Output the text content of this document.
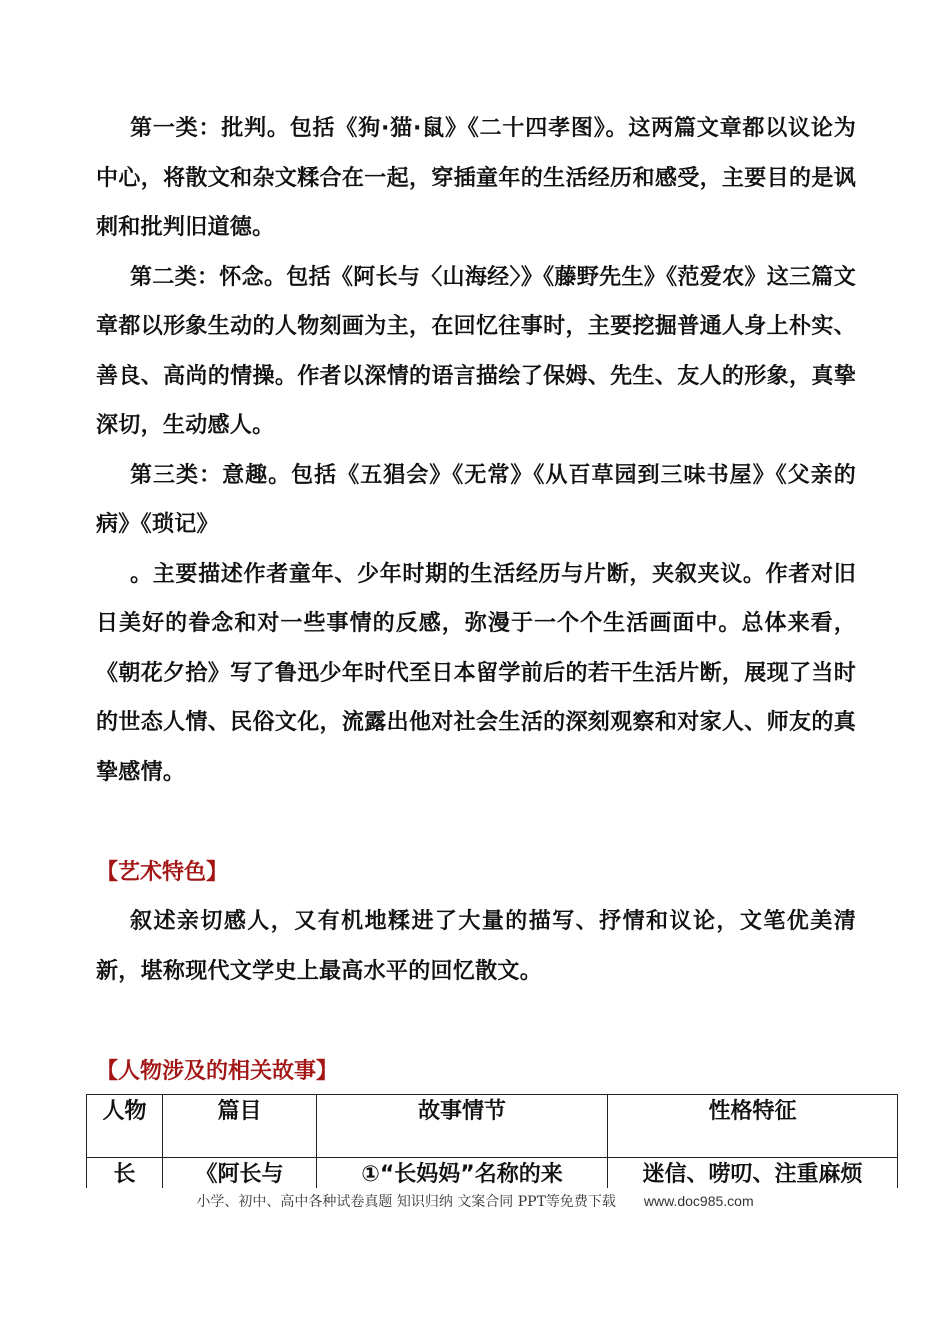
第一类：批判。包括《狗·猫·鼠》《二十四孝图》。这两篇文章都以议论为中心，将散文和杂文糅合在一起，穿插童年的生活经历和感受，主要目的是讽刺和批判旧道德。

第二类：怀念。包括《阿长与〈山海经〉》《藤野先生》《范爱农》这三篇文章都以形象生动的人物刻画为主，在回忆往事时，主要挖掘普通人身上朴实、善良、高尚的情操。作者以深情的语言描绘了保姆、先生、友人的形象，真挚深切，生动感人。

第三类：意趣。包括《五猖会》《无常》《从百草园到三味书屋》《父亲的病》《琐记》

。主要描述作者童年、少年时期的生活经历与片断，夹叙夹议。作者对旧日美好的眷念和对一些事情的反感，弥漫于一个个生活画面中。总体来看，《朝花夕拾》写了鲁迅少年时代至日本留学前后的若干生活片断，展现了当时的世态人情、民俗文化，流露出他对社会生活的深刻观察和对家人、师友的真挚感情。

【艺术特色】

叙述亲切感人，又有机地糅进了大量的描写、抒情和议论，文笔优美清新，堪称现代文学史上最高水平的回忆散文。

【人物涉及的相关故事】

人物	篇目	故事情节	性格特征
长	《阿长与	①“长妈妈”名称的来	迷信、唠叨、注重麻烦
小学、初中、高中各种试卷真题 知识归纳 文案合同 PPT等免费下载 www.doc985.com
